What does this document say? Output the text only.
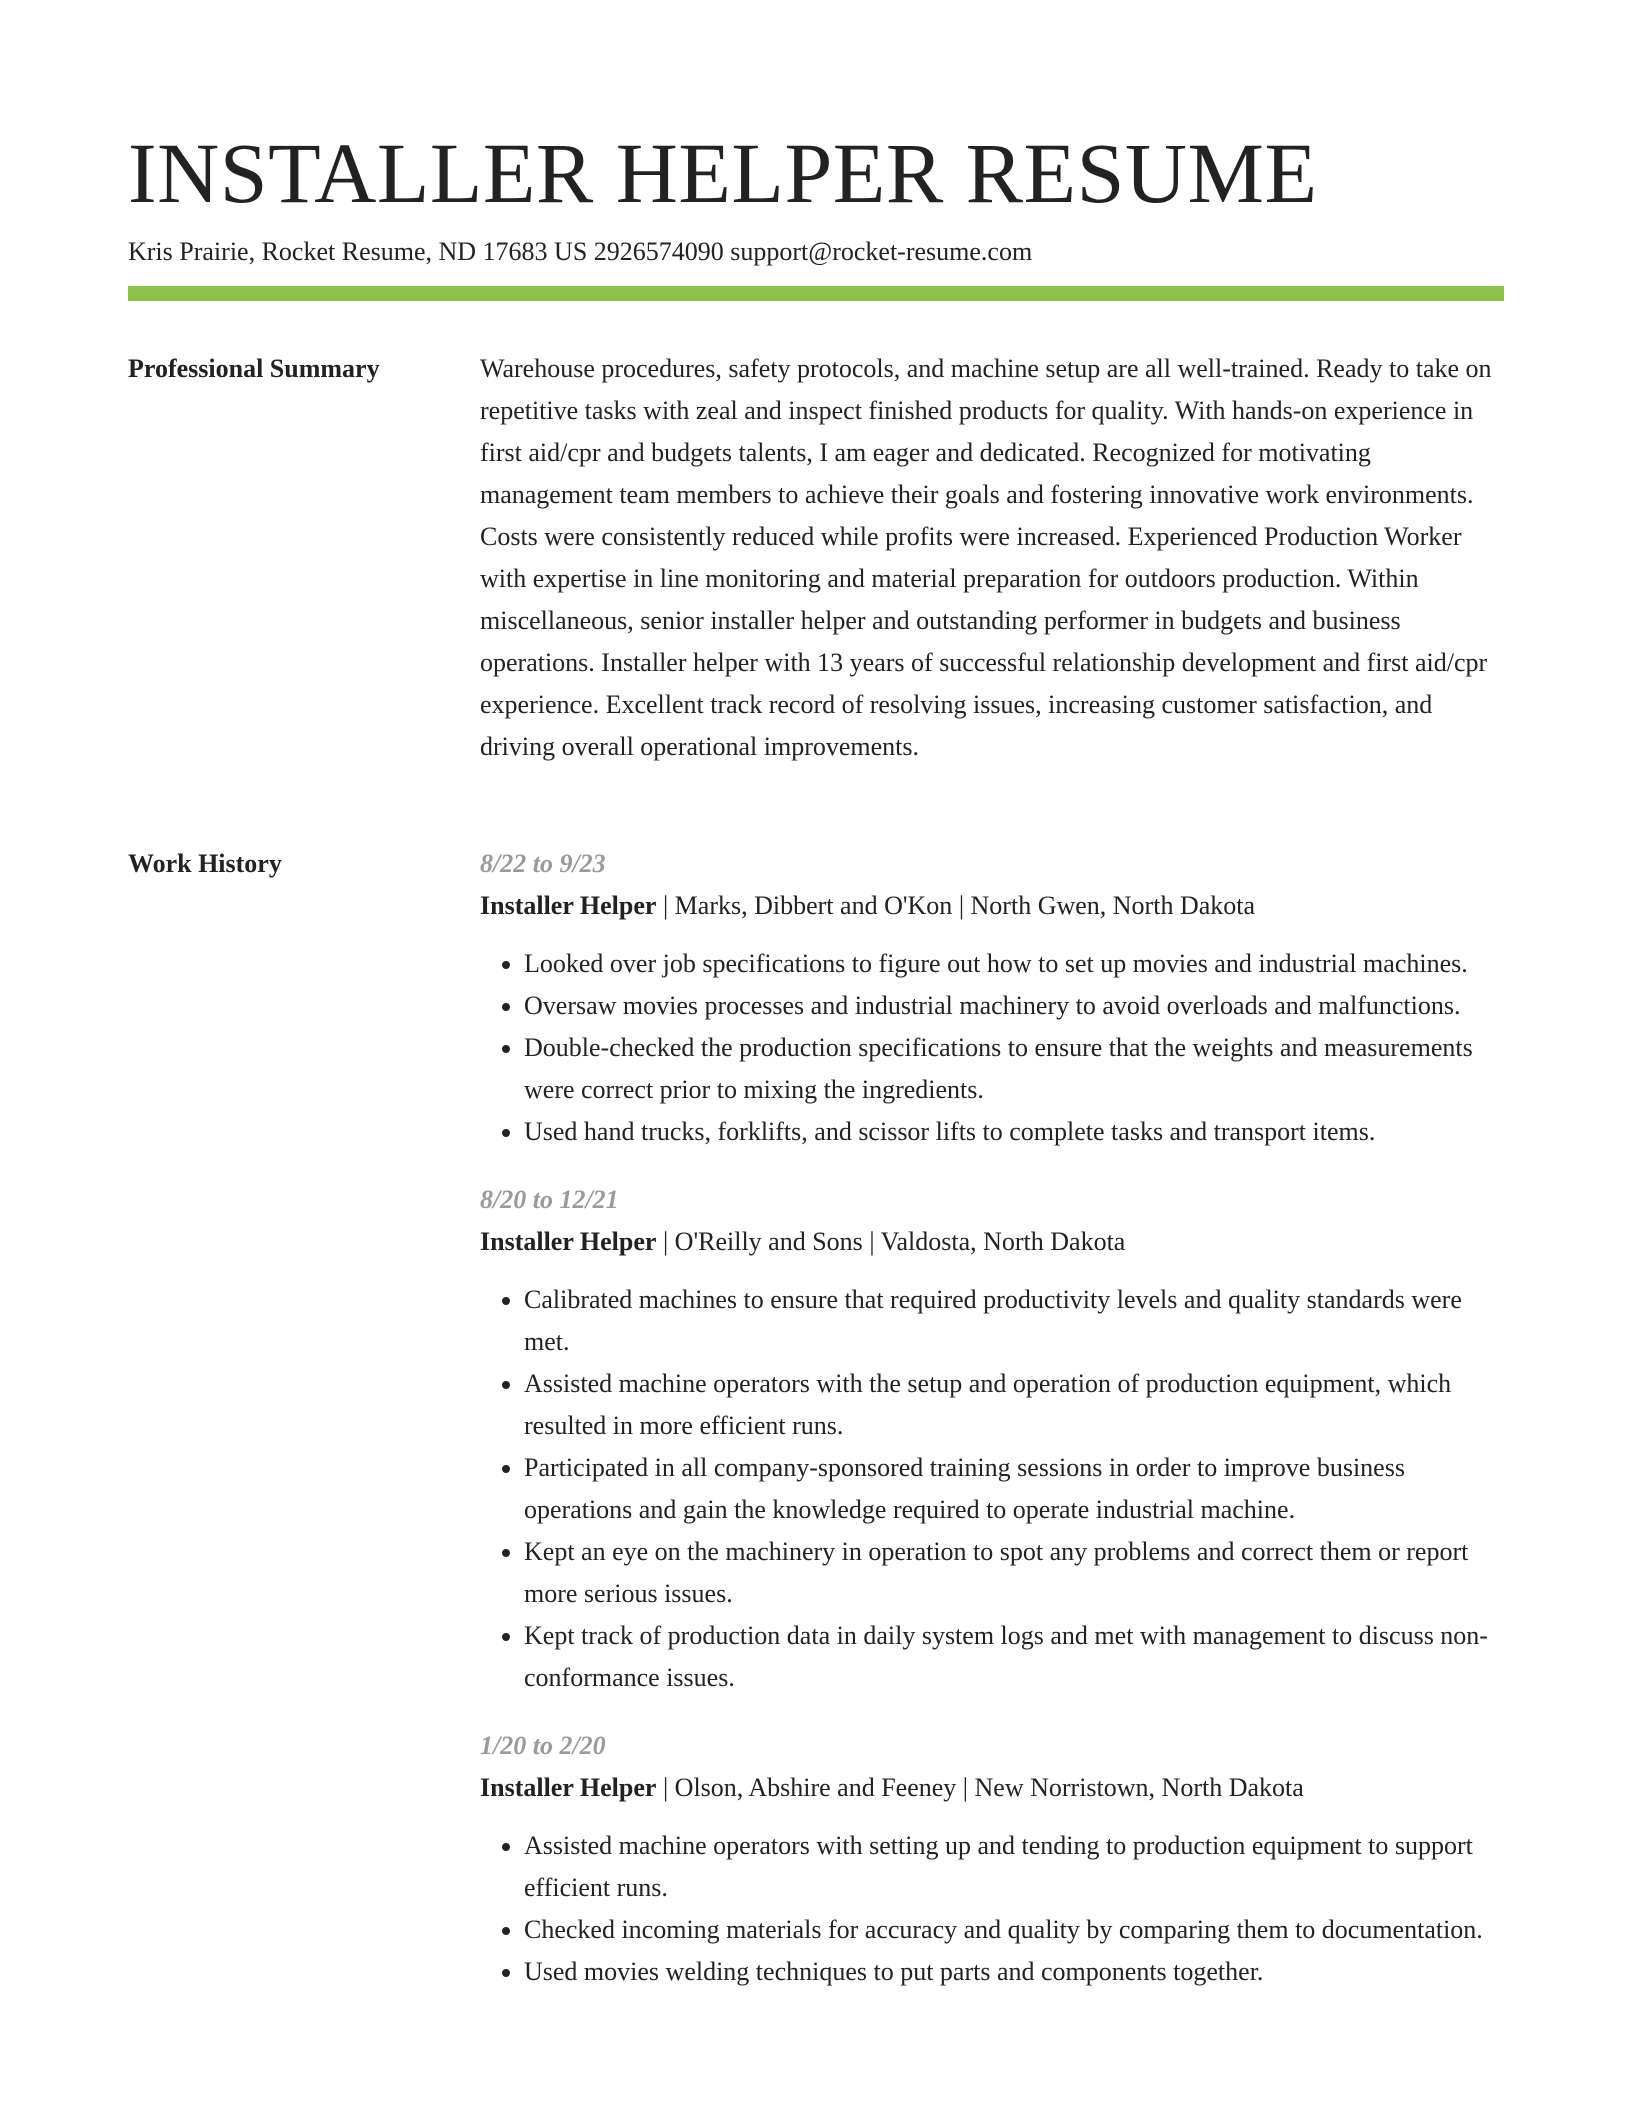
INSTALLER HELPER RESUME
Kris Prairie, Rocket Resume, ND 17683 US 2926574090 support@rocket-resume.com
Professional Summary	Warehouse procedures, safety protocols, and machine setup are all well-trained. Ready to take on repetitive tasks with zeal and inspect finished products for quality. With hands-on experience in first aid/cpr and budgets talents, I am eager and dedicated. Recognized for motivating management team members to achieve their goals and fostering innovative work environments. Costs were consistently reduced while profits were increased. Experienced Production Worker with expertise in line monitoring and material preparation for outdoors production. Within miscellaneous, senior installer helper and outstanding performer in budgets and business operations. Installer helper with 13 years of successful relationship development and first aid/cpr experience. Excellent track record of resolving issues, increasing customer satisfaction, and driving overall operational improvements.

Work History	8/22 to 9/23
Installer Helper | Marks, Dibbert and O'Kon | North Gwen, North Dakota
• Looked over job specifications to figure out how to set up movies and industrial machines.
• Oversaw movies processes and industrial machinery to avoid overloads and malfunctions.
• Double-checked the production specifications to ensure that the weights and measurements were correct prior to mixing the ingredients.
• Used hand trucks, forklifts, and scissor lifts to complete tasks and transport items.
8/20 to 12/21
Installer Helper | O'Reilly and Sons | Valdosta, North Dakota
• Calibrated machines to ensure that required productivity levels and quality standards were met.
• Assisted machine operators with the setup and operation of production equipment, which resulted in more efficient runs.
• Participated in all company-sponsored training sessions in order to improve business operations and gain the knowledge required to operate industrial machine.
• Kept an eye on the machinery in operation to spot any problems and correct them or report more serious issues.
• Kept track of production data in daily system logs and met with management to discuss non-conformance issues.
1/20 to 2/20
Installer Helper | Olson, Abshire and Feeney | New Norristown, North Dakota
• Assisted machine operators with setting up and tending to production equipment to support efficient runs.
• Checked incoming materials for accuracy and quality by comparing them to documentation.
• Used movies welding techniques to put parts and components together.
